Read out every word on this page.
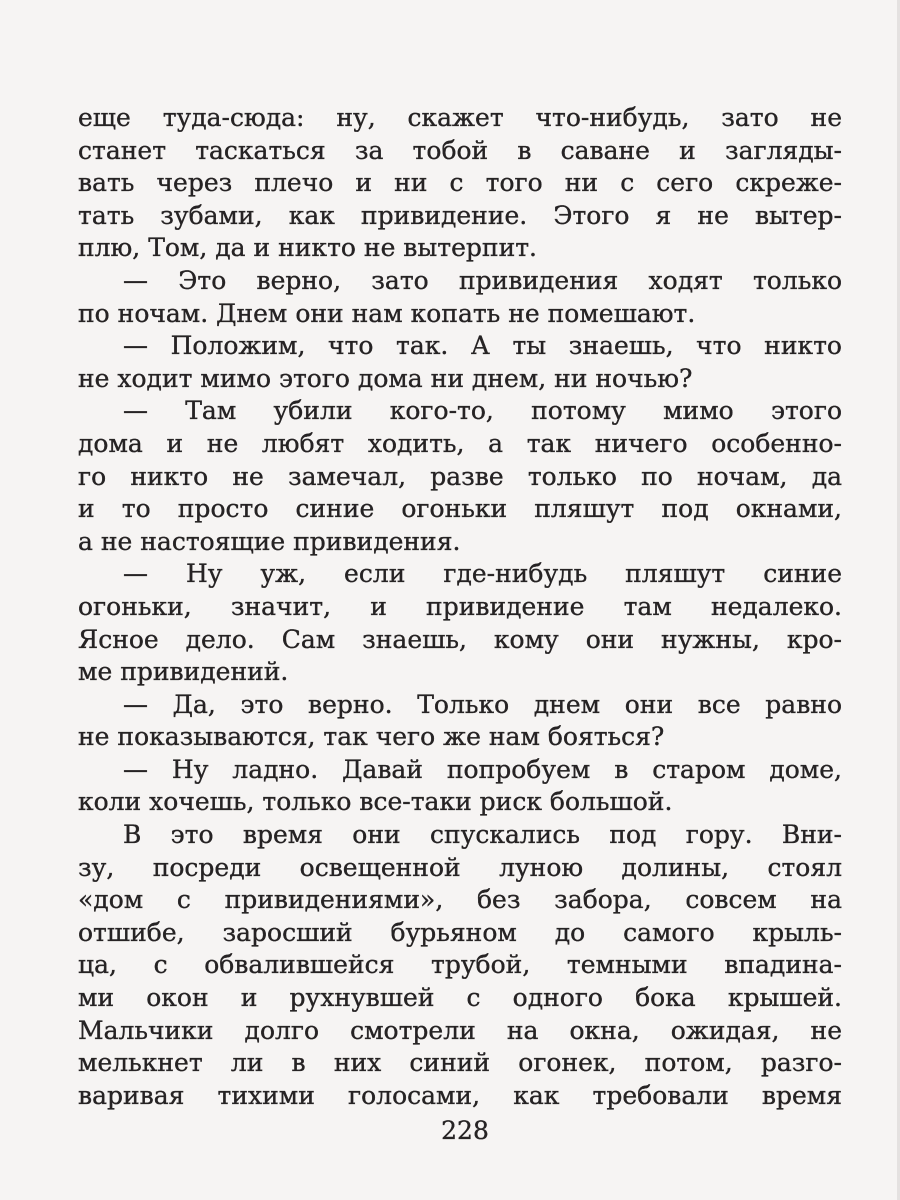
еще туда-сюда: ну, скажет что-нибудь, зато не
станет таскаться за тобой в саване и загляды-
вать через плечо и ни с того ни с сего скреже-
тать зубами, как привидение. Этого я не вытер-
плю, Том, да и никто не вытерпит.
— Это верно, зато привидения ходят только
по ночам. Днем они нам копать не помешают.
— Положим, что так. А ты знаешь, что никто
не ходит мимо этого дома ни днем, ни ночью?
— Там убили кого-то, потому мимо этого
дома и не любят ходить, а так ничего особенно-
го никто не замечал, разве только по ночам, да
и то просто синие огоньки пляшут под окнами,
а не настоящие привидения.
— Ну уж, если где-нибудь пляшут синие
огоньки, значит, и привидение там недалеко.
Ясное дело. Сам знаешь, кому они нужны, кро-
ме привидений.
— Да, это верно. Только днем они все равно
не показываются, так чего же нам бояться?
— Ну ладно. Давай попробуем в старом доме,
коли хочешь, только все-таки риск большой.
В это время они спускались под гору. Вни-
зу, посреди освещенной луною долины, стоял
«дом с привидениями», без забора, совсем на
отшибе, заросший бурьяном до самого крыль-
ца, с обвалившейся трубой, темными впадина-
ми окон и рухнувшей с одного бока крышей.
Мальчики долго смотрели на окна, ожидая, не
мелькнет ли в них синий огонек, потом, разго-
варивая тихими голосами, как требовали время
228
